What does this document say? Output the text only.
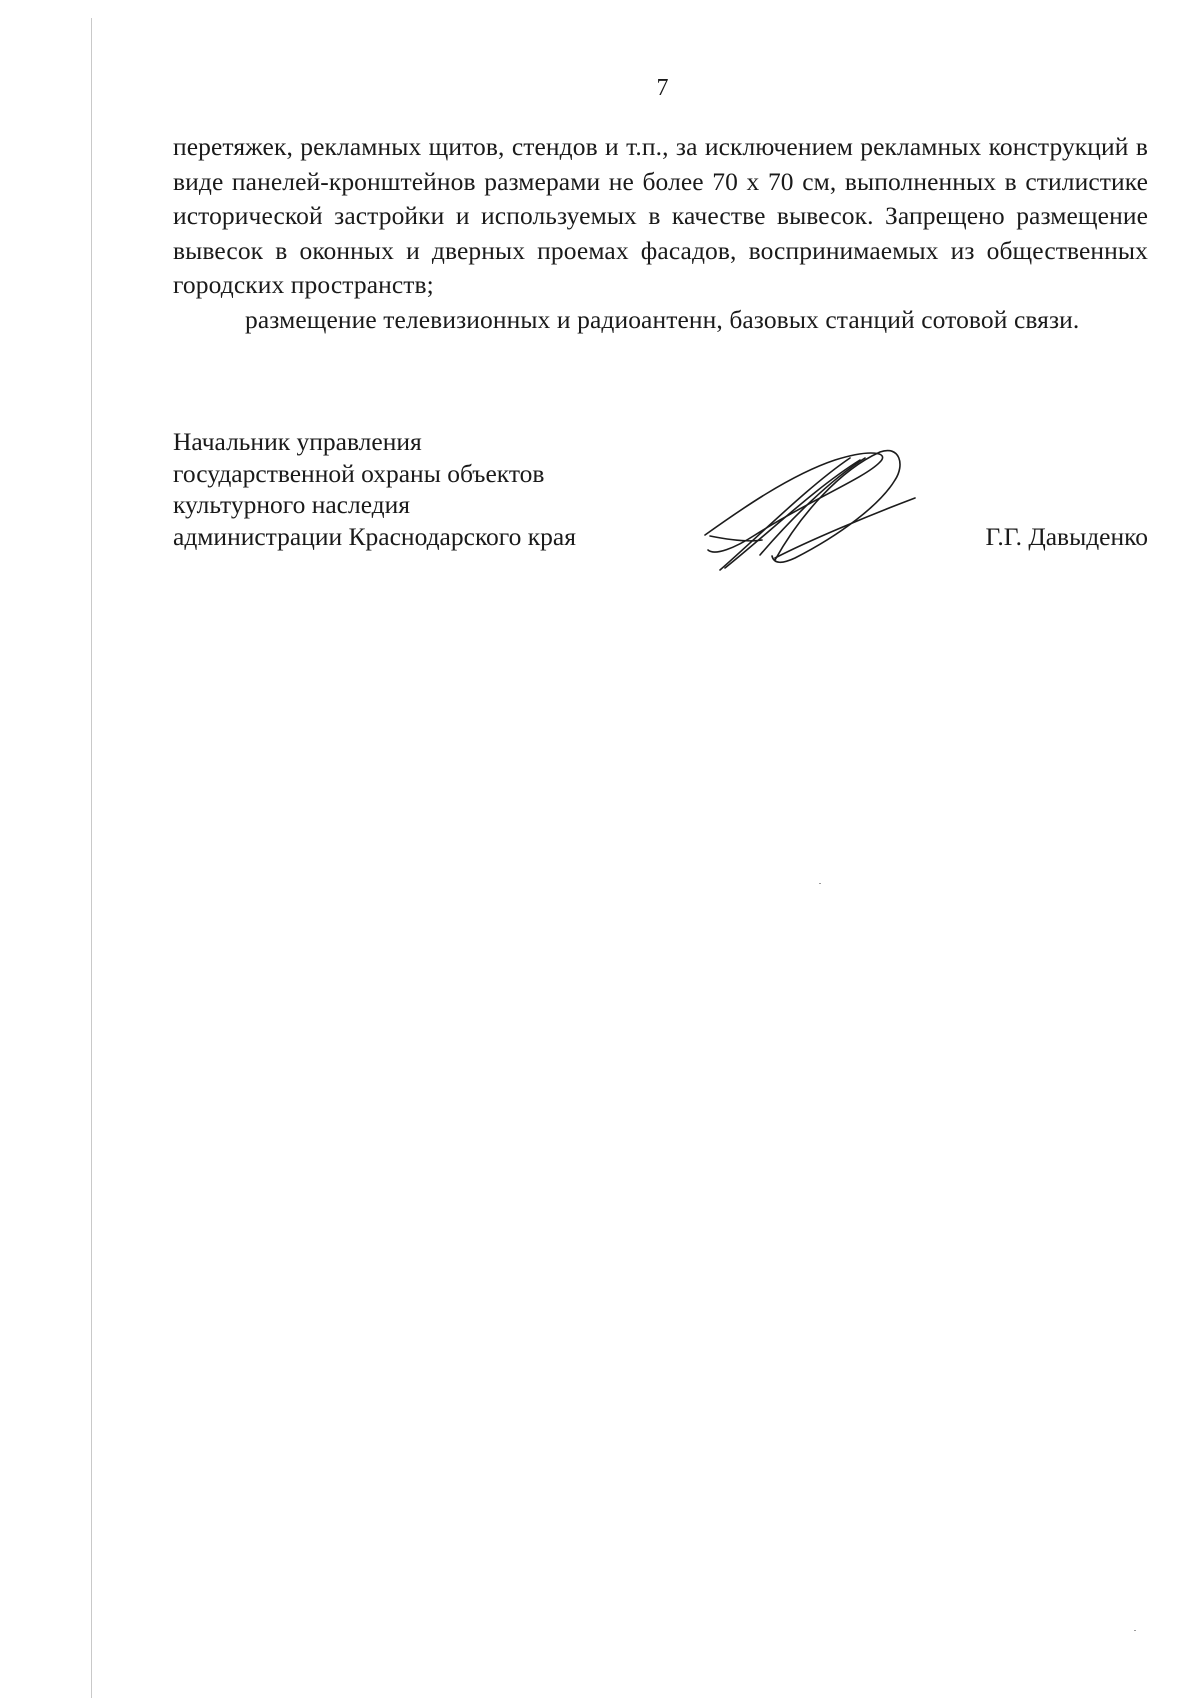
7

перетяжек, рекламных щитов, стендов и т.п., за исключением рекламных конструкций в виде панелей-кронштейнов размерами не более 70 x 70 см, выполненных в стилистике исторической застройки и используемых в качестве вывесок. Запрещено размещение вывесок в оконных и дверных проемах фасадов, воспринимаемых из общественных городских пространств;

размещение телевизионных и радиоантенн, базовых станций сотовой связи.

Начальник управления
государственной охраны объектов
культурного наследия
администрации Краснодарского края	Г.Г. Давыденко
